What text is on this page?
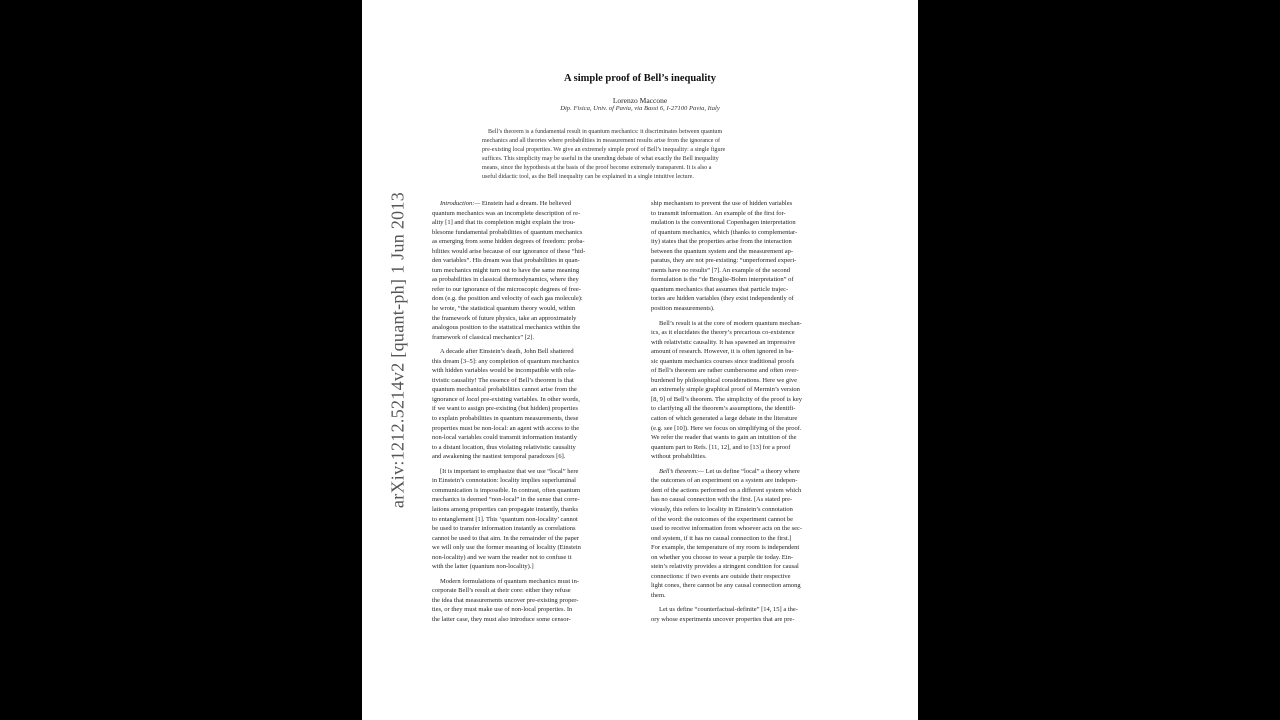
arXiv:1212.5214v2 [quant-ph] 1 Jun 2013
A simple proof of Bell’s inequality
Lorenzo Maccone
Dip. Fisica, Univ. of Pavia, via Bassi 6, I-27100 Pavia, Italy
Bell’s theorem is a fundamental result in quantum mechanics: it discriminates between quantum
mechanics and all theories where probabilities in measurement results arise from the ignorance of
pre-existing local properties. We give an extremely simple proof of Bell’s inequality: a single figure
suffices. This simplicity may be useful in the unending debate of what exactly the Bell inequality
means, since the hypothesis at the basis of the proof become extremely transparent. It is also a
useful didactic tool, as the Bell inequality can be explained in a single intuitive lecture.
Introduction:— Einstein had a dream. He believed
quantum mechanics was an incomplete description of re-
ality [1] and that its completion might explain the trou-
blesome fundamental probabilities of quantum mechanics
as emerging from some hidden degrees of freedom: proba-
bilities would arise because of our ignorance of these “hid-
den variables”. His dream was that probabilities in quan-
tum mechanics might turn out to have the same meaning
as probabilities in classical thermodynamics, where they
refer to our ignorance of the microscopic degrees of free-
dom (e.g. the position and velocity of each gas molecule):
he wrote, “the statistical quantum theory would, within
the framework of future physics, take an approximately
analogous position to the statistical mechanics within the
framework of classical mechanics” [2].
A decade after Einstein’s death, John Bell shattered
this dream [3–5]: any completion of quantum mechanics
with hidden variables would be incompatible with rela-
tivistic causality! The essence of Bell’s theorem is that
quantum mechanical probabilities cannot arise from the
ignorance of local pre-existing variables. In other words,
if we want to assign pre-existing (but hidden) properties
to explain probabilities in quantum measurements, these
properties must be non-local: an agent with access to the
non-local variables could transmit information instantly
to a distant location, thus violating relativistic causality
and awakening the nastiest temporal paradoxes [6].
[It is important to emphasize that we use “local” here
in Einstein’s connotation: locality implies superluminal
communication is impossible. In contrast, often quantum
mechanics is deemed “non-local” in the sense that corre-
lations among properties can propagate instantly, thanks
to entanglement [1]. This ‘quantum non-locality’ cannot
be used to transfer information instantly as correlations
cannot be used to that aim. In the remainder of the paper
we will only use the former meaning of locality (Einstein
non-locality) and we warn the reader not to confuse it
with the latter (quantum non-locality).]
Modern formulations of quantum mechanics must in-
corporate Bell’s result at their core: either they refuse
the idea that measurements uncover pre-existing proper-
ties, or they must make use of non-local properties. In
the latter case, they must also introduce some censor-
ship mechanism to prevent the use of hidden variables
to transmit information. An example of the first for-
mulation is the conventional Copenhagen interpretation
of quantum mechanics, which (thanks to complementar-
ity) states that the properties arise from the interaction
between the quantum system and the measurement ap-
paratus, they are not pre-existing: “unperformed experi-
ments have no results” [7]. An example of the second
formulation is the “de Broglie-Bohm interpretation” of
quantum mechanics that assumes that particle trajec-
tories are hidden variables (they exist independently of
position measurements).
Bell’s result is at the core of modern quantum mechan-
ics, as it elucidates the theory’s precarious co-existence
with relativistic causality. It has spawned an impressive
amount of research. However, it is often ignored in ba-
sic quantum mechanics courses since traditional proofs
of Bell’s theorem are rather cumbersome and often over-
burdened by philosophical considerations. Here we give
an extremely simple graphical proof of Mermin’s version
[8, 9] of Bell’s theorem. The simplicity of the proof is key
to clarifying all the theorem’s assumptions, the identifi-
cation of which generated a large debate in the literature
(e.g. see [10]). Here we focus on simplifying of the proof.
We refer the reader that wants to gain an intuition of the
quantum part to Refs. [11, 12], and to [13] for a proof
without probabilities.
Bell’s theorem:— Let us define “local” a theory where
the outcomes of an experiment on a system are indepen-
dent of the actions performed on a different system which
has no causal connection with the first. [As stated pre-
viously, this refers to locality in Einstein’s connotation
of the word: the outcomes of the experiment cannot be
used to receive information from whoever acts on the sec-
ond system, if it has no causal connection to the first.]
For example, the temperature of my room is independent
on whether you choose to wear a purple tie today. Ein-
stein’s relativity provides a stringent condition for causal
connections: if two events are outside their respective
light cones, there cannot be any causal connection among
them.
Let us define “counterfactual-definite” [14, 15] a the-
ory whose experiments uncover properties that are pre-
